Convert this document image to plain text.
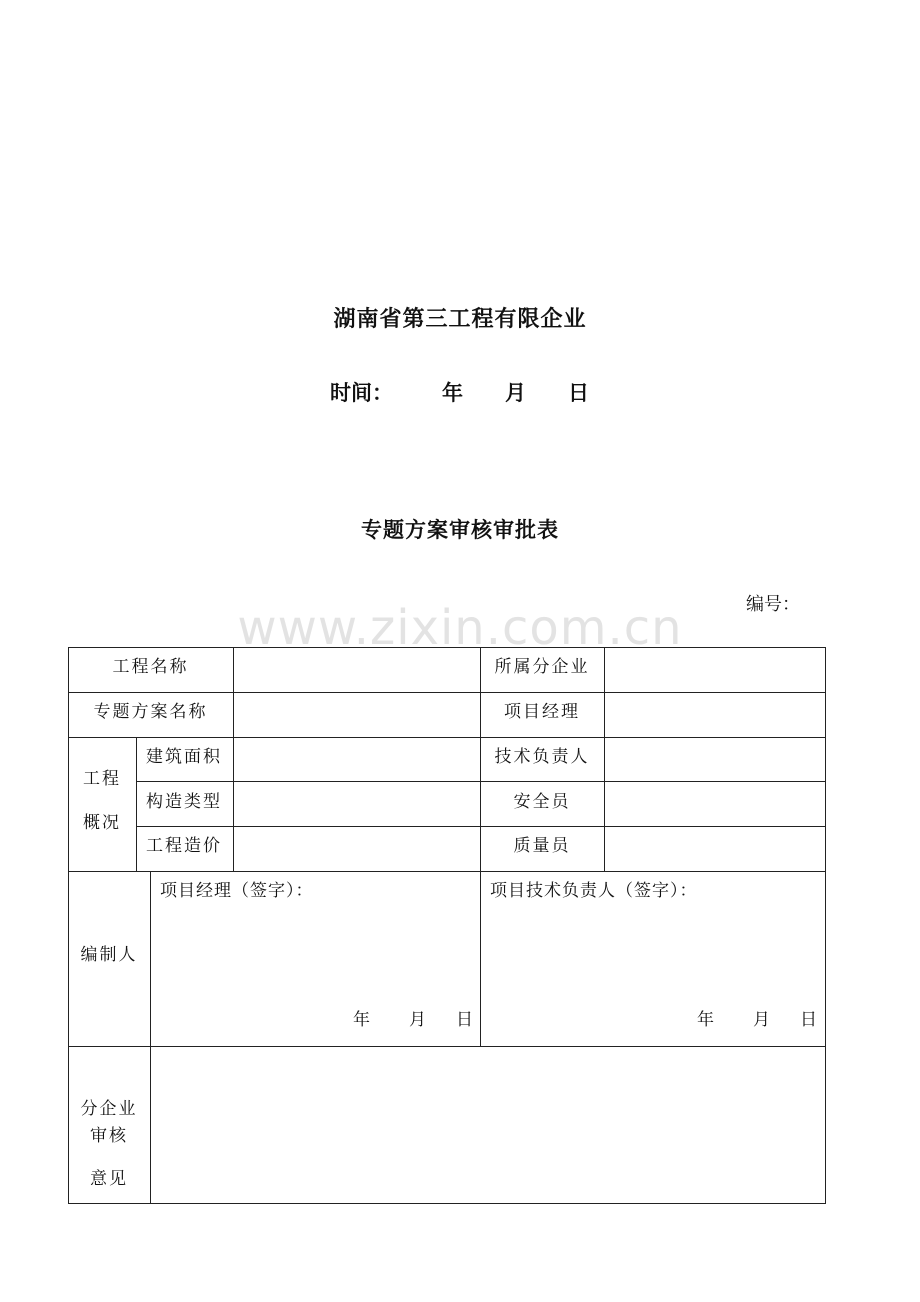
湖南省第三工程有限企业
时间： 年 月 日
专题方案审核审批表
编号：
www.zixin.com.cn
工程名称	所属分企业
专题方案名称	项目经理
工程
概况
建筑面积	技术负责人
构造类型	安全员
工程造价	质量员
编制人
项目经理（签字）：	项目技术负责人（签字）：
年 月 日	年 月 日
分企业
审核
意见
